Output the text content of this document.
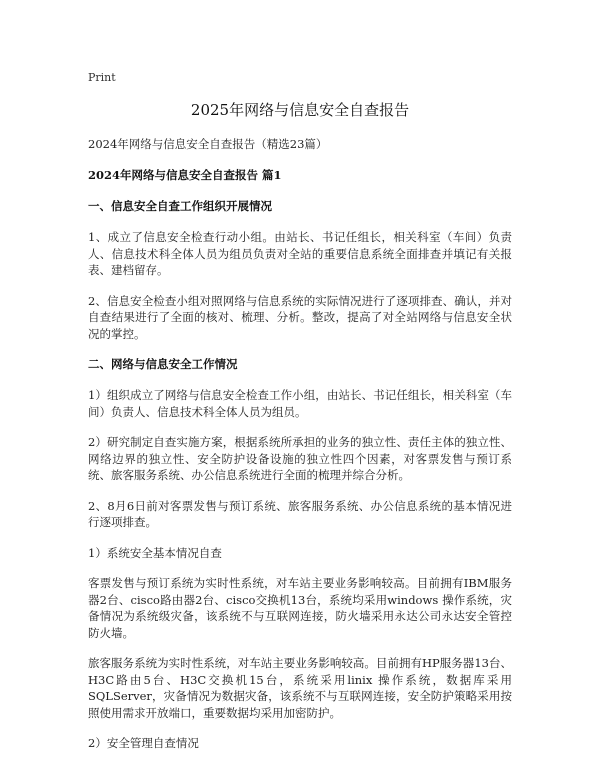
Print
2025年网络与信息安全自查报告
2024年网络与信息安全自查报告（精选23篇）
2024年网络与信息安全自查报告 篇1
一、信息安全自查工作组织开展情况

1、成立了信息安全检查行动小组。由站长、书记任组长，相关科室（车间）负责人、信息技术科全体人员为组员负责对全站的重要信息系统全面排查并填记有关报表、建档留存。

2、信息安全检查小组对照网络与信息系统的实际情况进行了逐项排查、确认，并对自查结果进行了全面的核对、梳理、分析。整改，提高了对全站网络与信息安全状况的掌控。

二、网络与信息安全工作情况

1）组织成立了网络与信息安全检查工作小组，由站长、书记任组长，相关科室（车间）负责人、信息技术科全体人员为组员。

2）研究制定自查实施方案，根据系统所承担的业务的独立性、责任主体的独立性、网络边界的独立性、安全防护设备设施的独立性四个因素，对客票发售与预订系统、旅客服务系统、办公信息系统进行全面的梳理并综合分析。

2、8月6日前对客票发售与预订系统、旅客服务系统、办公信息系统的基本情况进行逐项排查。

1）系统安全基本情况自查

客票发售与预订系统为实时性系统，对车站主要业务影响较高。目前拥有IBM服务器2台、cisco路由器2台、cisco交换机13台，系统均采用windows 操作系统，灾备情况为系统级灾备，该系统不与互联网连接，防火墙采用永达公司永达安全管控防火墙。

旅客服务系统为实时性系统，对车站主要业务影响较高。目前拥有HP服务器13台、H3C路由5台、H3C交换机15台，系统采用linix 操作系统，数据库采用SQLServer，灾备情况为数据灾备，该系统不与互联网连接，安全防护策略采用按照使用需求开放端口，重要数据均采用加密防护。

2）安全管理自查情况
